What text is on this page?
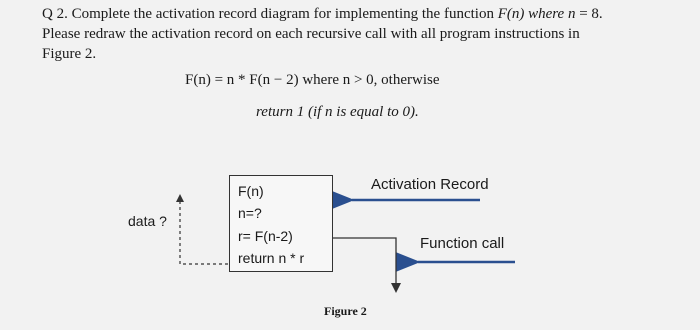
Q 2. Complete the activation record diagram for implementing the function F(n) where n = 8.
Please redraw the activation record on each recursive call with all program instructions in
Figure 2.
F(n) = n * F(n − 2) where n > 0, otherwise
return 1 (if n is equal to 0).
F(n)
n=?
r= F(n-2)
return n * r
Activation Record
Function call
data ?
Figure 2
